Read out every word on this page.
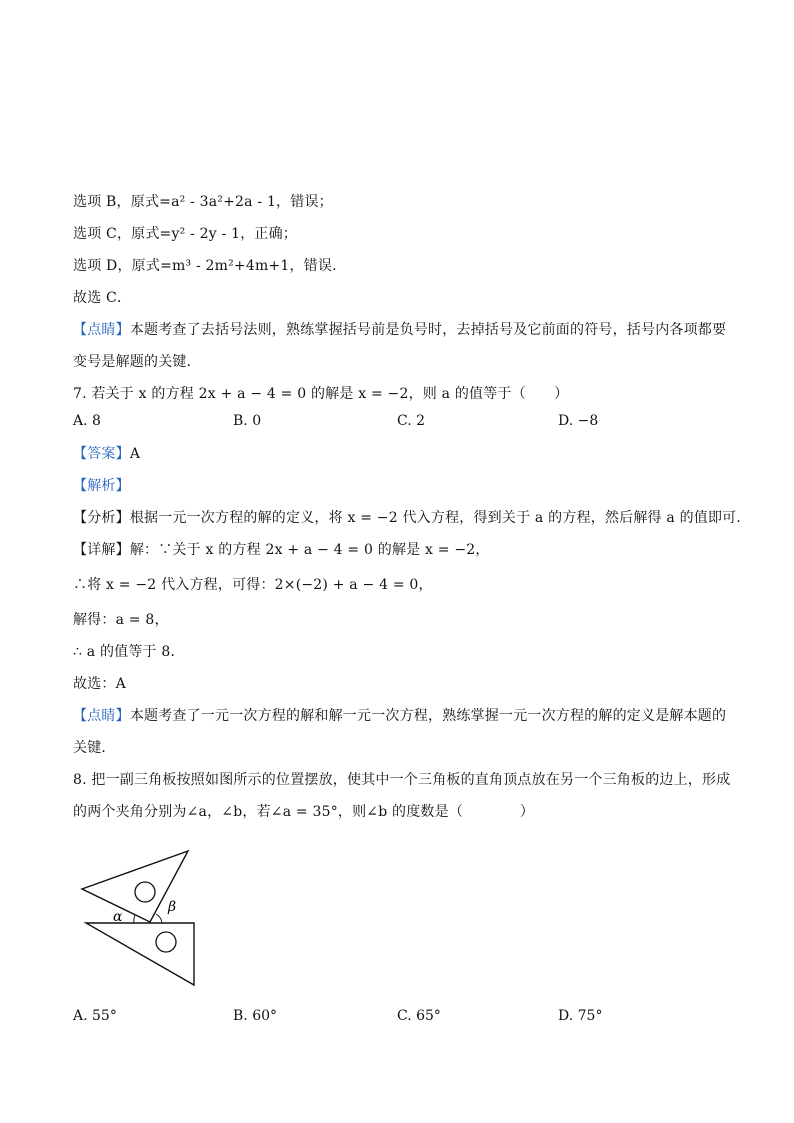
选项 B，原式=a² - 3a²+2a - 1，错误；
选项 C，原式=y² - 2y - 1，正确；
选项 D，原式=m³ - 2m²+4m+1，错误.
故选 C．
【点睛】本题考查了去括号法则，熟练掌握括号前是负号时，去掉括号及它前面的符号，括号内各项都要
变号是解题的关键．
7. 若关于 x 的方程 2x + a − 4 = 0 的解是 x = −2，则 a 的值等于（　　）
A. 8	B. 0	C. 2	D. −8
【答案】A
【解析】
【分析】根据一元一次方程的解的定义，将 x = −2 代入方程，得到关于 a 的方程，然后解得 a 的值即可．
【详解】解：∵关于 x 的方程 2x + a − 4 = 0 的解是 x = −2，
∴将 x = −2 代入方程，可得：2×(−2) + a − 4 = 0，
解得：a = 8，
∴ a 的值等于 8．
故选：A
【点睛】本题考查了一元一次方程的解和解一元一次方程，熟练掌握一元一次方程的解的定义是解本题的
关键．
8. 把一副三角板按照如图所示的位置摆放，使其中一个三角板的直角顶点放在另一个三角板的边上，形成
的两个夹角分别为∠a，∠b，若∠a = 35°，则∠b 的度数是（　　　　）
α
β
A. 55°	B. 60°	C. 65°	D. 75°
